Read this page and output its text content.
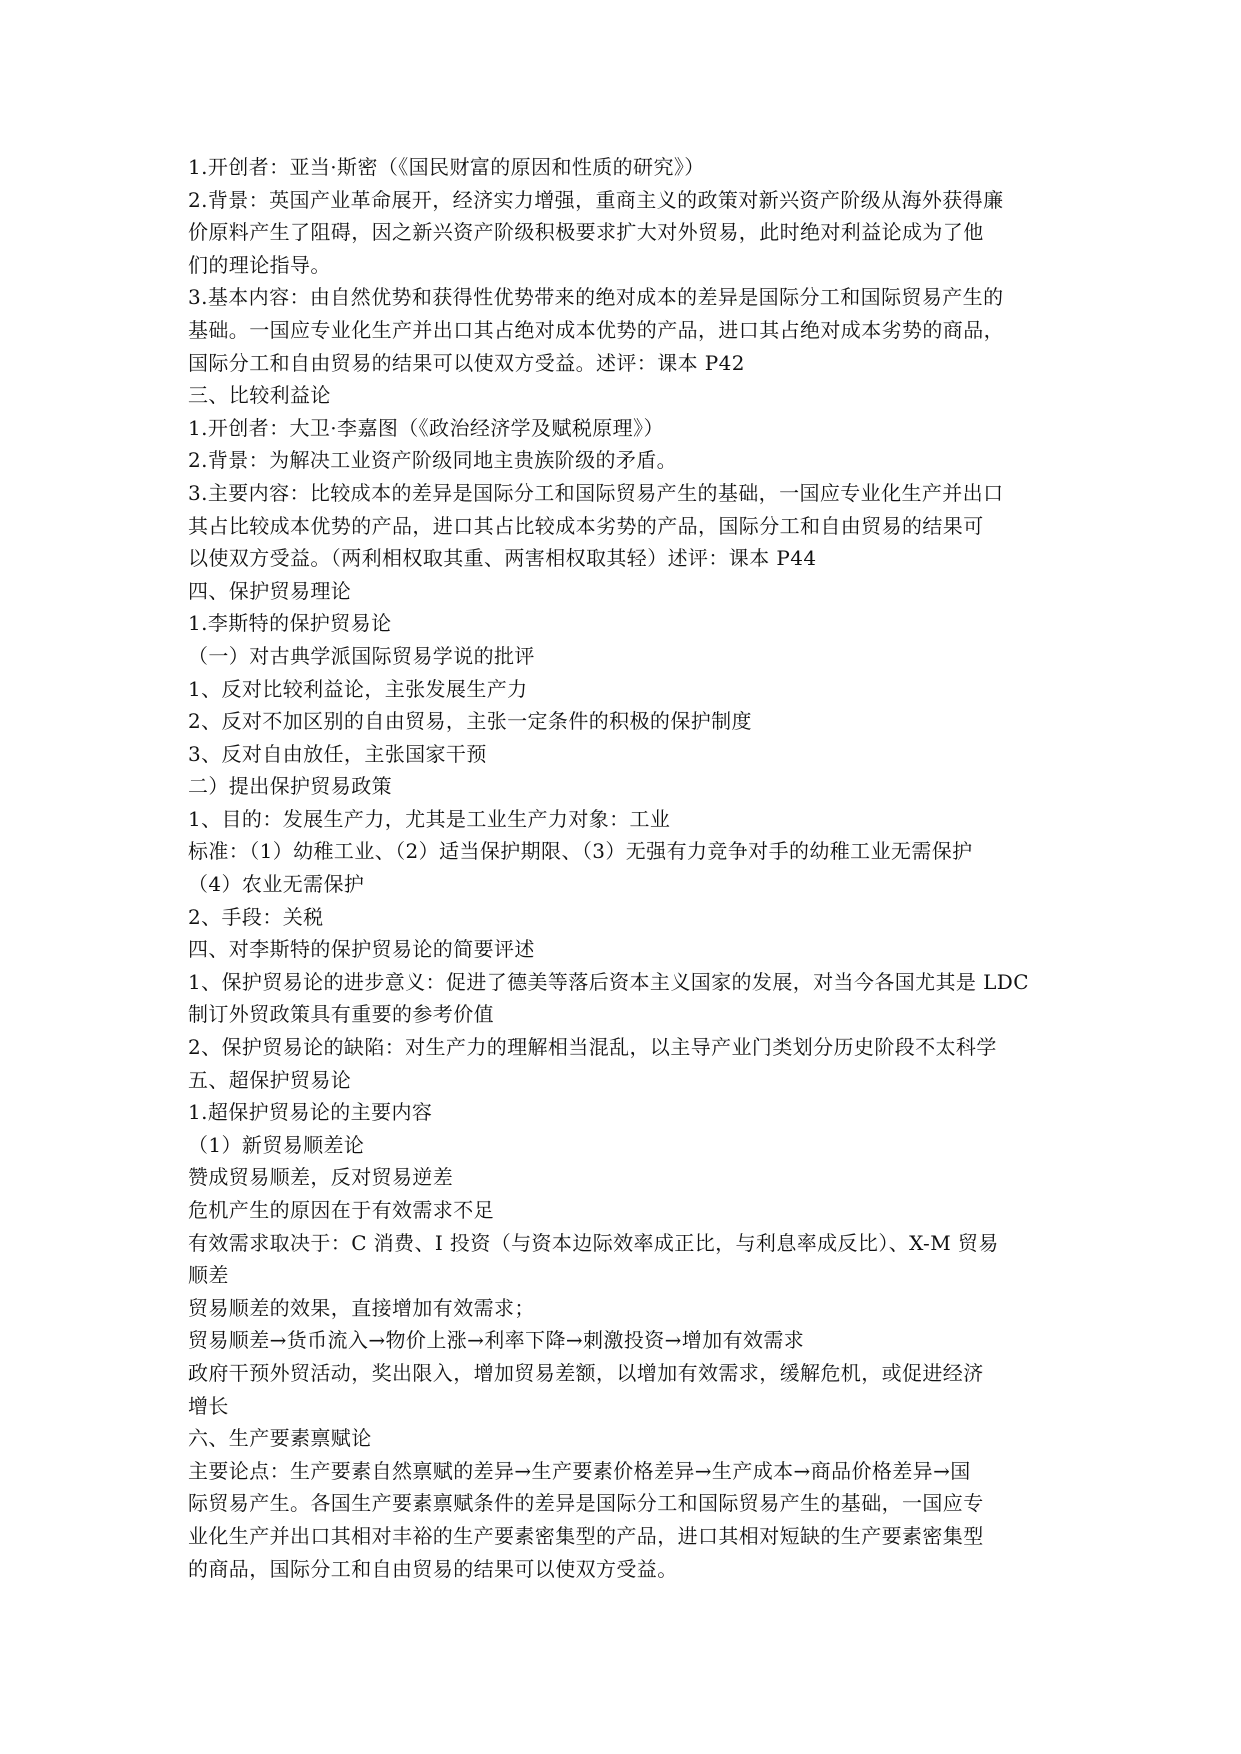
1.开创者：亚当·斯密（《国民财富的原因和性质的研究》）
2.背景：英国产业革命展开，经济实力增强，重商主义的政策对新兴资产阶级从海外获得廉
价原料产生了阻碍，因之新兴资产阶级积极要求扩大对外贸易，此时绝对利益论成为了他
们的理论指导。
3.基本内容：由自然优势和获得性优势带来的绝对成本的差异是国际分工和国际贸易产生的
基础。一国应专业化生产并出口其占绝对成本优势的产品，进口其占绝对成本劣势的商品，
国际分工和自由贸易的结果可以使双方受益。述评：课本 P42
三、比较利益论
1.开创者：大卫·李嘉图（《政治经济学及赋税原理》）
2.背景：为解决工业资产阶级同地主贵族阶级的矛盾。
3.主要内容：比较成本的差异是国际分工和国际贸易产生的基础，一国应专业化生产并出口
其占比较成本优势的产品，进口其占比较成本劣势的产品，国际分工和自由贸易的结果可
以使双方受益。（两利相权取其重、两害相权取其轻）述评：课本 P44
四、保护贸易理论
1.李斯特的保护贸易论
（一）对古典学派国际贸易学说的批评
1、反对比较利益论，主张发展生产力
2、反对不加区别的自由贸易，主张一定条件的积极的保护制度
3、反对自由放任，主张国家干预
二）提出保护贸易政策
1、目的：发展生产力，尤其是工业生产力对象：工业
标准：（1）幼稚工业、（2）适当保护期限、（3）无强有力竞争对手的幼稚工业无需保护
（4）农业无需保护
2、手段：关税
四、对李斯特的保护贸易论的简要评述
1、保护贸易论的进步意义：促进了德美等落后资本主义国家的发展，对当今各国尤其是 LDC
制订外贸政策具有重要的参考价值
2、保护贸易论的缺陷：对生产力的理解相当混乱，以主导产业门类划分历史阶段不太科学
五、超保护贸易论
1.超保护贸易论的主要内容
（1）新贸易顺差论
赞成贸易顺差，反对贸易逆差
危机产生的原因在于有效需求不足
有效需求取决于：C 消费、I 投资（与资本边际效率成正比，与利息率成反比）、X-M 贸易
顺差
贸易顺差的效果，直接增加有效需求；
贸易顺差→货币流入→物价上涨→利率下降→刺激投资→增加有效需求
政府干预外贸活动，奖出限入，增加贸易差额，以增加有效需求，缓解危机，或促进经济
增长
六、生产要素禀赋论
主要论点：生产要素自然禀赋的差异→生产要素价格差异→生产成本→商品价格差异→国
际贸易产生。各国生产要素禀赋条件的差异是国际分工和国际贸易产生的基础，一国应专
业化生产并出口其相对丰裕的生产要素密集型的产品，进口其相对短缺的生产要素密集型
的商品，国际分工和自由贸易的结果可以使双方受益。
